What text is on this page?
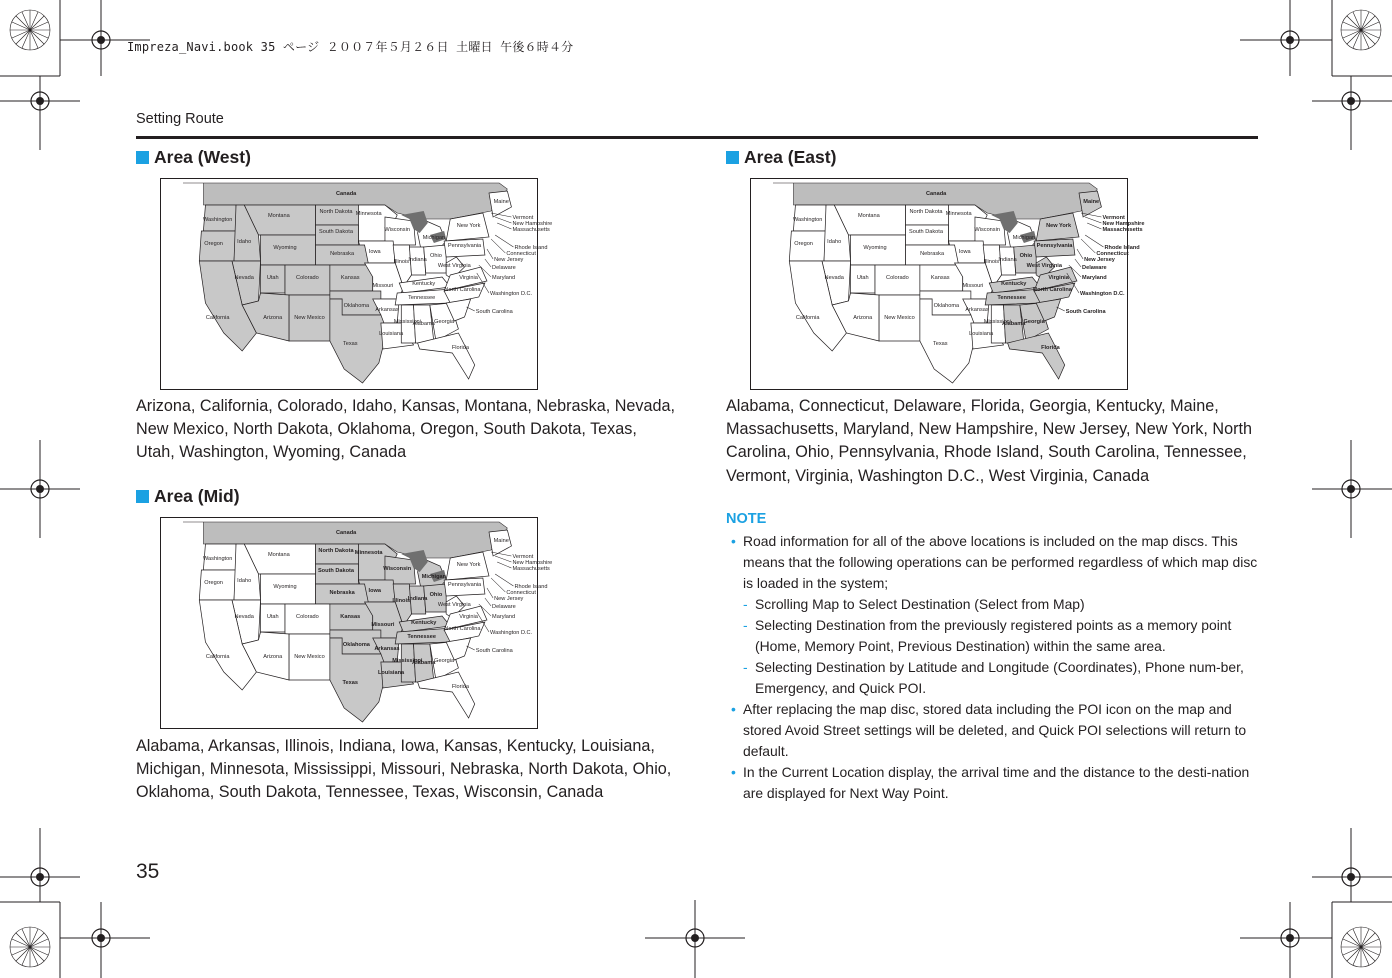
Impreza_Navi.book 35 ページ ２００７年５月２６日 土曜日 午後６時４分
Setting Route
Area (West)
Canada
Washington
Montana
North Dakota Minnesota
Oregon	Idaho
Wyoming
South Dakota	Wisconsin
Michigan
Iowa
Nebraska
Nevada Utah	Colorado	Kansas
Illinois Indiana
Ohio
Missouri	Kentucky
California	Arizona New Mexico
Oklahoma
Arkansas
Tennessee
Texas
Louisiana
Mississippi
Alabama Georgia
Florida
Maine
New York
Pennsylvania
West Virginia
Virginia
North Carolina
Vermont
New Hampshire
Massachusetts
Rhode Island
Connecticut
New Jersey
Delaware
Maryland
Washington D.C.
South Carolina
Arizona, California, Colorado, Idaho, Kansas, Montana, Nebraska, Nevada, New Mexico, North Dakota, Oklahoma, Oregon, South Dakota, Texas, Utah, Washington, Wyoming, Canada
Area (Mid)
Canada
Washington
Montana
North Dakota Minnesota
Oregon	Idaho
Wyoming
South Dakota	Wisconsin
Michigan
Iowa
Nebraska
Nevada Utah	Colorado	Kansas
Illinois
Indiana
Ohio
Missouri	Kentucky
California	Arizona New Mexico
Oklahoma
Arkansas
Tennessee
Texas
Louisiana
Mississippi
Alabama
Georgia
Florida
Maine
New York
Pennsylvania
West Virginia
Virginia
North Carolina
Vermont
New Hampshire
Massachusetts
Rhode Island
Connecticut
New Jersey
Delaware
Maryland
Washington D.C.
South Carolina
Alabama, Arkansas, Illinois, Indiana, Iowa, Kansas, Kentucky, Louisiana, Michigan, Minnesota, Mississippi, Missouri, Nebraska, North Dakota, Ohio, Oklahoma, South Dakota, Tennessee, Texas, Wisconsin, Canada
Area (East)
Canada
Washington
Montana
North Dakota Minnesota
Oregon	Idaho
Wyoming
South Dakota	Wisconsin
Michigan
Iowa
Nebraska
Nevada Utah	Colorado	Kansas
Illinois Indiana
Ohio
Missouri	Kentucky
California	Arizona New Mexico
Oklahoma
Arkansas
Tennessee
Texas
Louisiana
Mississippi
Alabama
Georgia
Florida
Maine
New York
Pennsylvania
West Virginia
Virginia
North Carolina
Vermont
New Hampshire
Massachusetts
Rhode Island
Connecticut
New Jersey
Delaware
Maryland
Washington D.C.
South Carolina
Alabama, Connecticut, Delaware, Florida, Georgia, Kentucky, Maine, Massachusetts, Maryland, New Hampshire, New Jersey, New York, North Carolina, Ohio, Pennsylvania, Rhode Island, South Carolina, Tennessee, Vermont, Virginia, Washington D.C., West Virginia, Canada
NOTE
• Road information for all of the above locations is included on the map discs. This means that the following operations can be performed regardless of which map disc is loaded in the system;
- Scrolling Map to Select Destination (Select from Map)
- Selecting Destination from the previously registered points as a memory point (Home, Memory Point, Previous Destination) within the same area.
- Selecting Destination by Latitude and Longitude (Coordinates), Phone num-ber, Emergency, and Quick POI.
• After replacing the map disc, stored data including the POI icon on the map and stored Avoid Street settings will be deleted, and Quick POI selections will return to default.
• In the Current Location display, the arrival time and the distance to the desti-nation are displayed for Next Way Point.
35
